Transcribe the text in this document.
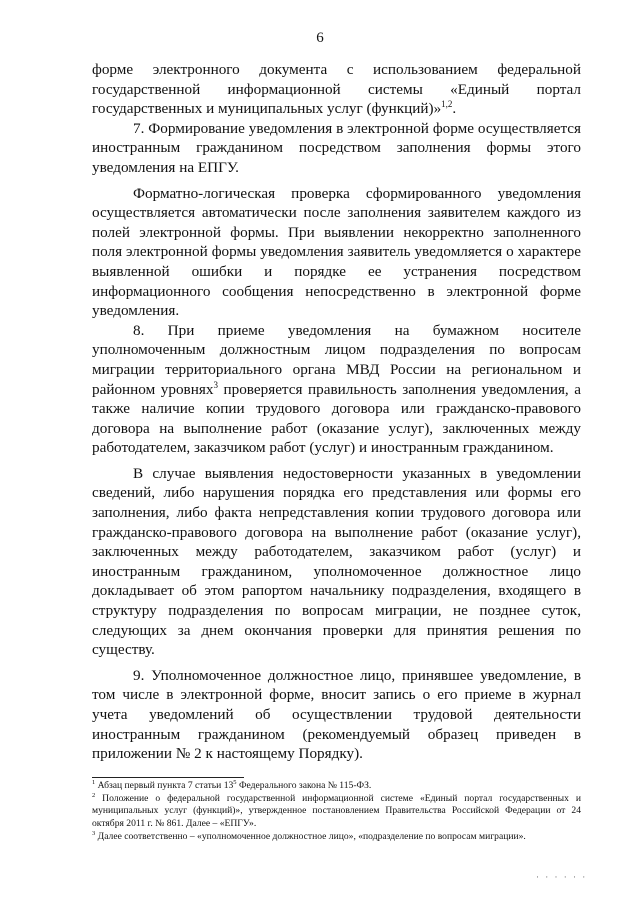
6

форме электронного документа с использованием федеральной государственной информационной системы «Единый портал государственных и муниципальных услуг (функций)»$^{1,2}$.

7. Формирование уведомления в электронной форме осуществляется иностранным гражданином посредством заполнения формы этого уведомления на ЕПГУ.

Форматно-логическая проверка сформированного уведомления осуществляется автоматически после заполнения заявителем каждого из полей электронной формы. При выявлении некорректно заполненного поля электронной формы уведомления заявитель уведомляется о характере выявленной ошибки и порядке ее устранения посредством информационного сообщения непосредственно в электронной форме уведомления.

8. При приеме уведомления на бумажном носителе уполномоченным должностным лицом подразделения по вопросам миграции территориального органа МВД России на региональном и районном уровнях$^3$ проверяется правильность заполнения уведомления, а также наличие копии трудового договора или гражданско-правового договора на выполнение работ (оказание услуг), заключенных между работодателем, заказчиком работ (услуг) и иностранным гражданином.

В случае выявления недостоверности указанных в уведомлении сведений, либо нарушения порядка его представления или формы его заполнения, либо факта непредставления копии трудового договора или гражданско-правового договора на выполнение работ (оказание услуг), заключенных между работодателем, заказчиком работ (услуг) и иностранным гражданином, уполномоченное должностное лицо докладывает об этом рапортом начальнику подразделения, входящего в структуру подразделения по вопросам миграции, не позднее суток, следующих за днем окончания проверки для принятия решения по существу.

9. Уполномоченное должностное лицо, принявшее уведомление, в том числе в электронной форме, вносит запись о его приеме в журнал учета уведомлений об осуществлении трудовой деятельности иностранным гражданином (рекомендуемый образец приведен в приложении № 2 к настоящему Порядку).

$^1$ Абзац первый пункта 7 статьи $13^5$ Федерального закона № 115-ФЗ.

$^2$ Положение о федеральной государственной информационной системе «Единый портал государственных и муниципальных услуг (функций)», утвержденное постановлением Правительства Российской Федерации от 24 октября 2011 г. № 861. Далее – «ЕПГУ».

$^3$ Далее соответственно – «уполномоченное должностное лицо», «подразделение по вопросам миграции».

· · · · · ·
